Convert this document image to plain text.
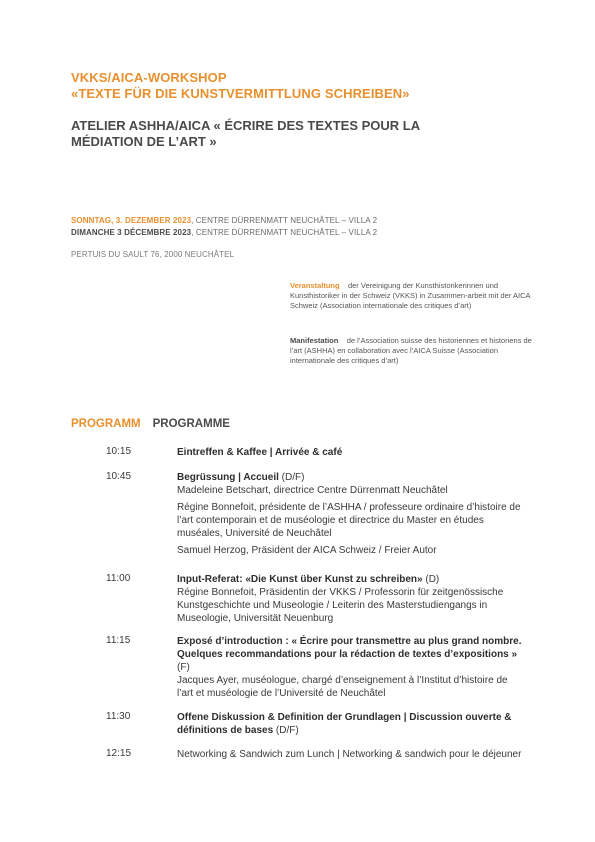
VKKS/AICA-WORKSHOP
«TEXTE FÜR DIE KUNSTVERMITTLUNG SCHREIBEN»
ATELIER ASHHA/AICA « ÉCRIRE DES TEXTES POUR LA
MÉDIATION DE L’ART »
SONNTAG, 3. DEZEMBER 2023, CENTRE DÜRRENMATT NEUCHÂTEL – VILLA 2
DIMANCHE 3 DÉCEMBRE 2023, CENTRE DÜRRENMATT NEUCHÂTEL – VILLA 2
PERTUIS DU SAULT 76, 2000 NEUCHÂTEL
Veranstaltung der Vereinigung der Kunsthistorikerinnen und Kunsthistoriker in der Schweiz (VKKS) in Zusammen-arbeit mit der AICA Schweiz (Association internationale des critiques d’art)
Manifestation de l’Association suisse des historiennes et historiens de l’art (ASHHA) en collaboration avec l’AICA Suisse (Association internationale des critiques d’art)
PROGRAMM PROGRAMME
10:15	Eintreffen & Kaffee | Arrivée & café

10:45	Begrüssung | Accueil (D/F)

Madeleine Betschart, directrice Centre Dürrenmatt Neuchâtel

Régine Bonnefoit, présidente de l’ASHHA / professeure ordinaire d’histoire de l’art contemporain et de muséologie et directrice du Master en études muséales, Université de Neuchâtel

Samuel Herzog, Präsident der AICA Schweiz / Freier Autor

11:00	Input-Referat: «Die Kunst über Kunst zu schreiben» (D)

Régine Bonnefoit, Präsidentin der VKKS / Professorin für zeitgenössische Kunstgeschichte und Museologie / Leiterin des Masterstudiengangs in Museologie, Universität Neuenburg

11:15	Exposé d’introduction : « Écrire pour transmettre au plus grand nombre. Quelques recommandations pour la rédaction de textes d’expositions » (F)

Jacques Ayer, muséologue, chargé d’enseignement à l’Institut d’histoire de l’art et muséologie de l’Université de Neuchâtel

11:30	Offene Diskussion & Definition der Grundlagen | Discussion ouverte & définitions de bases (D/F)

12:15	Networking & Sandwich zum Lunch | Networking & sandwich pour le déjeuner
